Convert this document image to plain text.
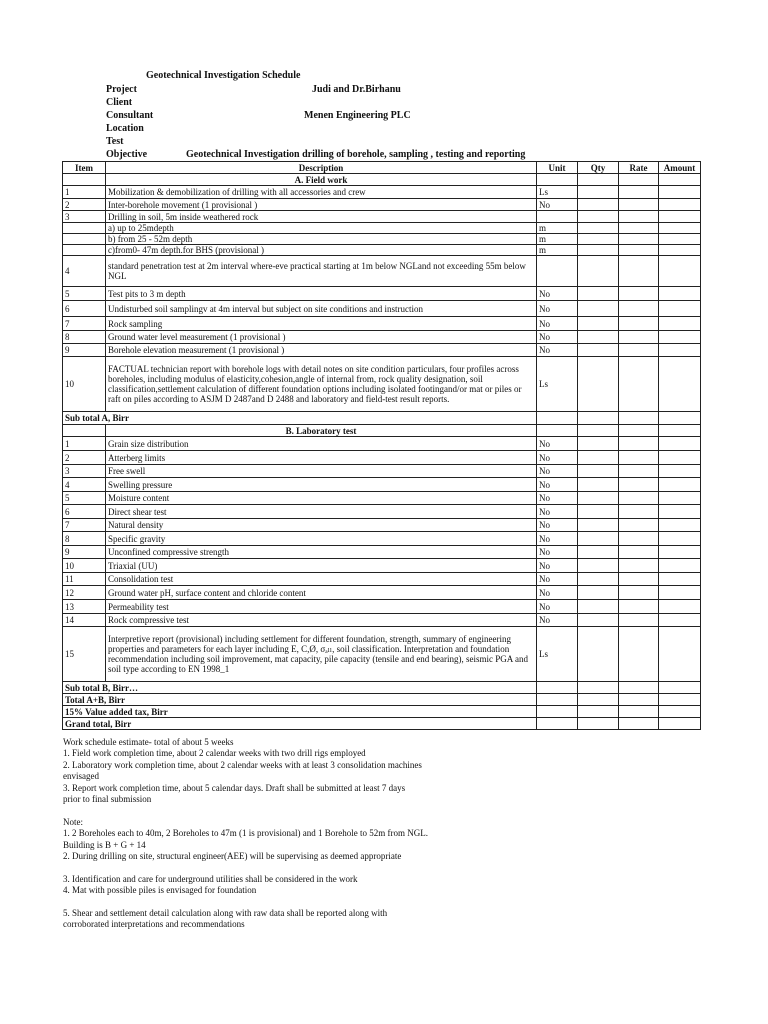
Geotechnical Investigation Schedule
Project	Judi and Dr.Birhanu
Client
Consultant	Menen Engineering PLC
Location
Test
Objective	Geotechnical Investigation drilling of borehole, sampling , testing and reporting
Item	Description	Unit	Qty	Rate	Amount
	A. Field work				
1	Mobilization & demobilization of drilling with all accessories and crew	Ls			
2	Inter-borehole movement (1 provisional )	No			
3	Drilling in soil, 5m inside weathered rock				
	a) up to 25mdepth	m			
	b) from 25 - 52m depth	m			
	c)from0- 47m depth.for BHS (provisional )	m			
4	standard penetration test at 2m interval where-eve practical starting at 1m below NGLand not exceeding 55m below NGL				
5	Test pits to 3 m depth	No			
6	Undisturbed soil samplingv at 4m interval but subject on site conditions and instruction	No			
7	Rock sampling	No			
8	Ground water level measurement (1 provisional )	No			
9	Borehole elevation measurement (1 provisional )	No			
10	FACTUAL technician report with borehole logs with detail notes on site condition particulars, four profiles across boreholes, including modulus of elasticity,cohesion,angle of internal from, rock quality designation, soil classification,settlement calculation of different foundation options including isolated footingand/or mat or piles or raft on piles according to ASJM D 2487and D 2488 and laboratory and field-test result reports.	Ls			
Sub total A, Birr					
	B. Laboratory test				
1	Grain size distribution	No			
2	Atterberg limits	No			
3	Free swell	No			
4	Swelling pressure	No			
5	Moisture content	No			
6	Direct shear test	No			
7	Natural density	No			
8	Specific gravity	No			
9	Unconfined compressive strength	No			
10	Triaxial (UU)	No			
11	Consolidation test	No			
12	Ground water pH, surface content and chloride content	No			
13	Permeability test	No			
14	Rock compressive test	No			
15	Interpretive report (provisional) including settlement for different foundation, strength, summary of engineering properties and parameters for each layer including E, C,Ø, σₐₗₗ, soil classification. Interpretation and foundation recommendation including soil improvement, mat capacity, pile capacity (tensile and end bearing), seismic PGA and soil type according to EN 1998_1	Ls			
Sub total B, Birr…					
Total A+B, Birr					
15% Value added tax, Birr					
Grand total, Birr					
Work schedule estimate- total of about 5 weeks
1. Field work completion time, about 2 calendar weeks with two drill rigs employed
2. Laboratory work completion time, about 2 calendar weeks with at least 3 consolidation machines
envisaged
3. Report work completion time, about 5 calendar days. Draft shall be submitted at least 7 days
prior to final submission
Note:
1. 2 Boreholes each to 40m, 2 Boreholes to 47m (1 is provisional) and 1 Borehole to 52m from NGL.
Building is B + G + 14
2. During drilling on site, structural engineer(AEE) will be supervising as deemed appropriate
3. Identification and care for underground utilities shall be considered in the work
4. Mat with possible piles is envisaged for foundation
5. Shear and settlement detail calculation along with raw data shall be reported along with
corroborated interpretations and recommendations
